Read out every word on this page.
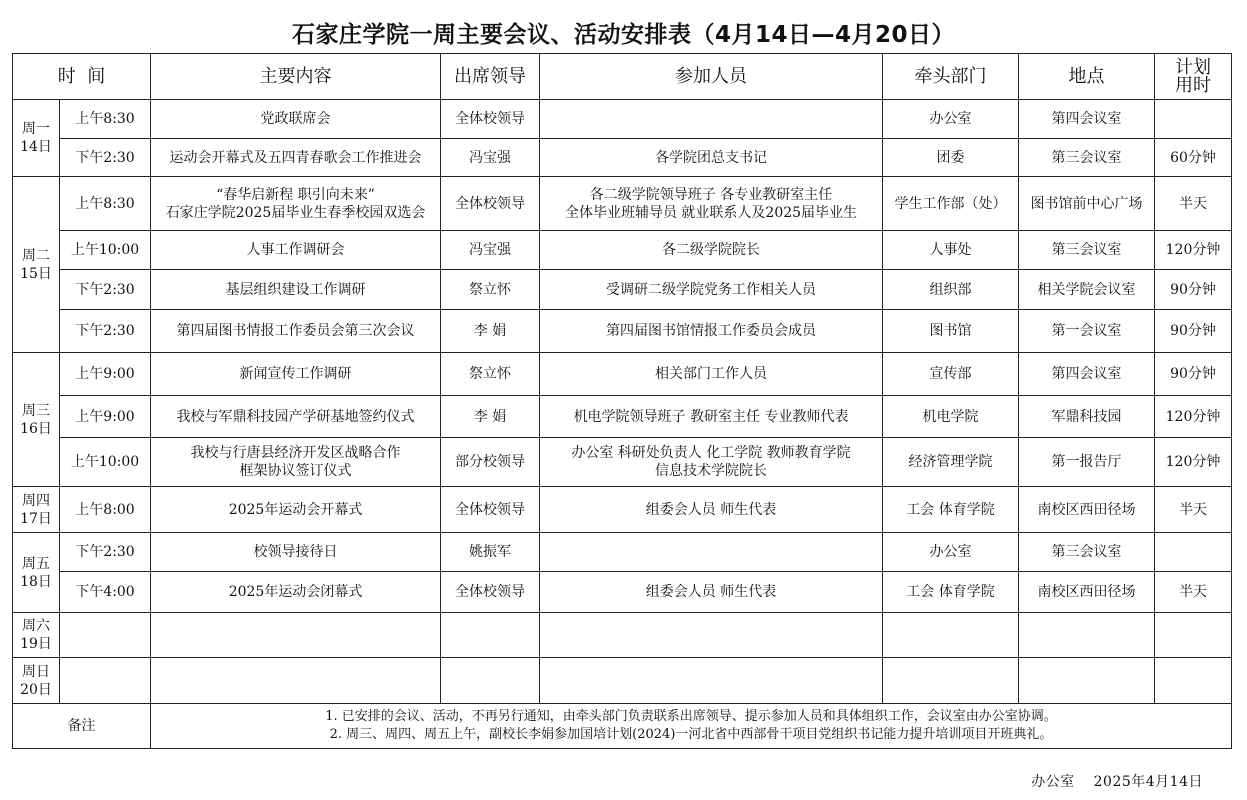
石家庄学院一周主要会议、活动安排表（4月14日—4月20日）
时  间		主要内容	出席领导	参加人员	牵头部门	地点	计划
用时

周一
14日	上午8:30	党政联席会	全体校领导		办公室	第四会议室	
	下午2:30	运动会开幕式及五四青春歌会工作推进会	冯宝强	各学院团总支书记	团委	第三会议室	60分钟

周二
15日	上午8:30	“春华启新程 职引向未来”
石家庄学院2025届毕业生春季校园双选会	全体校领导	各二级学院领导班子 各专业教研室主任
全体毕业班辅导员 就业联系人及2025届毕业生	学生工作部（处）	图书馆前中心广场	半天
	上午10:00	人事工作调研会	冯宝强	各二级学院院长	人事处	第三会议室	120分钟
	下午2:30	基层组织建设工作调研	祭立怀	受调研二级学院党务工作相关人员	组织部	相关学院会议室	90分钟
	下午2:30	第四届图书情报工作委员会第三次会议	李 娟	第四届图书馆情报工作委员会成员	图书馆	第一会议室	90分钟

周三
16日	上午9:00	新闻宣传工作调研	祭立怀	相关部门工作人员	宣传部	第四会议室	90分钟
	上午9:00	我校与军鼎科技园产学研基地签约仪式	李 娟	机电学院领导班子 教研室主任 专业教师代表	机电学院	军鼎科技园	120分钟
	上午10:00	我校与行唐县经济开发区战略合作
框架协议签订仪式	部分校领导	办公室 科研处负责人 化工学院 教师教育学院
信息技术学院院长	经济管理学院	第一报告厅	120分钟

周四
17日	上午8:00	2025年运动会开幕式	全体校领导	组委会人员 师生代表	工会 体育学院	南校区西田径场	半天

周五
18日	下午2:30	校领导接待日	姚振军		办公室	第三会议室	
	下午4:00	2025年运动会闭幕式	全体校领导	组委会人员 师生代表	工会 体育学院	南校区西田径场	半天

周六
19日							

周日
20日							

备注		1. 已安排的会议、活动，不再另行通知，由牵头部门负责联系出席领导、提示参加人员和具体组织工作，会议室由办公室协调。
2. 周三、周四、周五上午，副校长李娟参加国培计划(2024)一河北省中西部骨干项目党组织书记能力提升培训项目开班典礼。					
办公室 2025年4月14日
